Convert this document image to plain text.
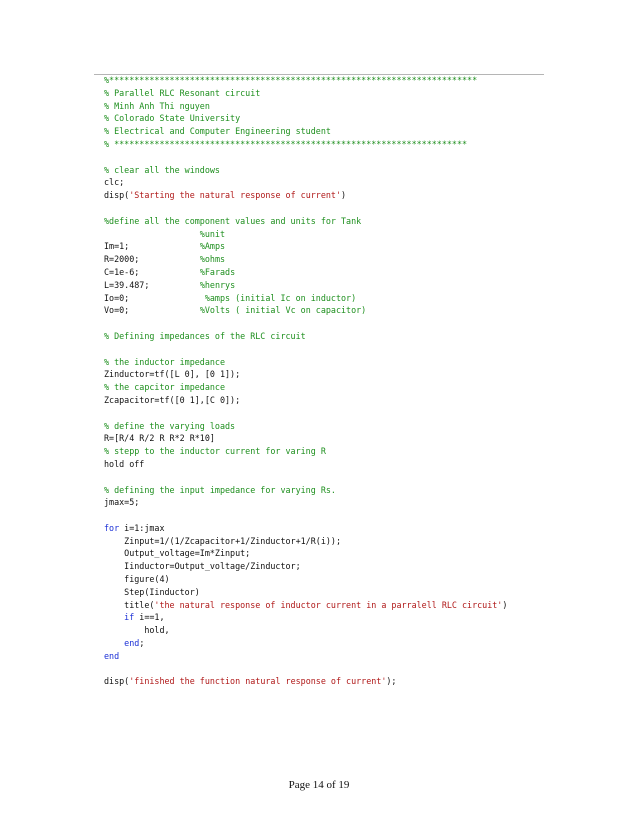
%*************************************************************************
% Parallel RLC Resonant circuit
% Minh Anh Thi nguyen
% Colorado State University
% Electrical and Computer Engineering student
% **********************************************************************
% clear all the windows
clc;
disp('Starting the natural response of current')
%define all the component values and units for Tank
%unit
Im=1;              %Amps
R=2000;            %ohms
C=1e-6;            %Farads
L=39.487;          %henrys
Io=0;               %amps (initial Ic on inductor)
Vo=0;              %Volts ( initial Vc on capacitor)
% Defining impedances of the RLC circuit
% the inductor impedance
Zinductor=tf([L 0], [0 1]);
% the capcitor impedance
Zcapacitor=tf([0 1],[C 0]);
% define the varying loads
R=[R/4 R/2 R R*2 R*10]
% stepp to the inductor current for varing R
hold off
% defining the input impedance for varying Rs.
jmax=5;
for i=1:jmax
Zinput=1/(1/Zcapacitor+1/Zinductor+1/R(i));
Output_voltage=Im*Zinput;
Iinductor=Output_voltage/Zinductor;
figure(4)
Step(Iinductor)
title('the natural response of inductor current in a parralell RLC circuit')
if i==1,
hold,
end;
end
disp('finished the function natural response of current');
Page 14 of 19
